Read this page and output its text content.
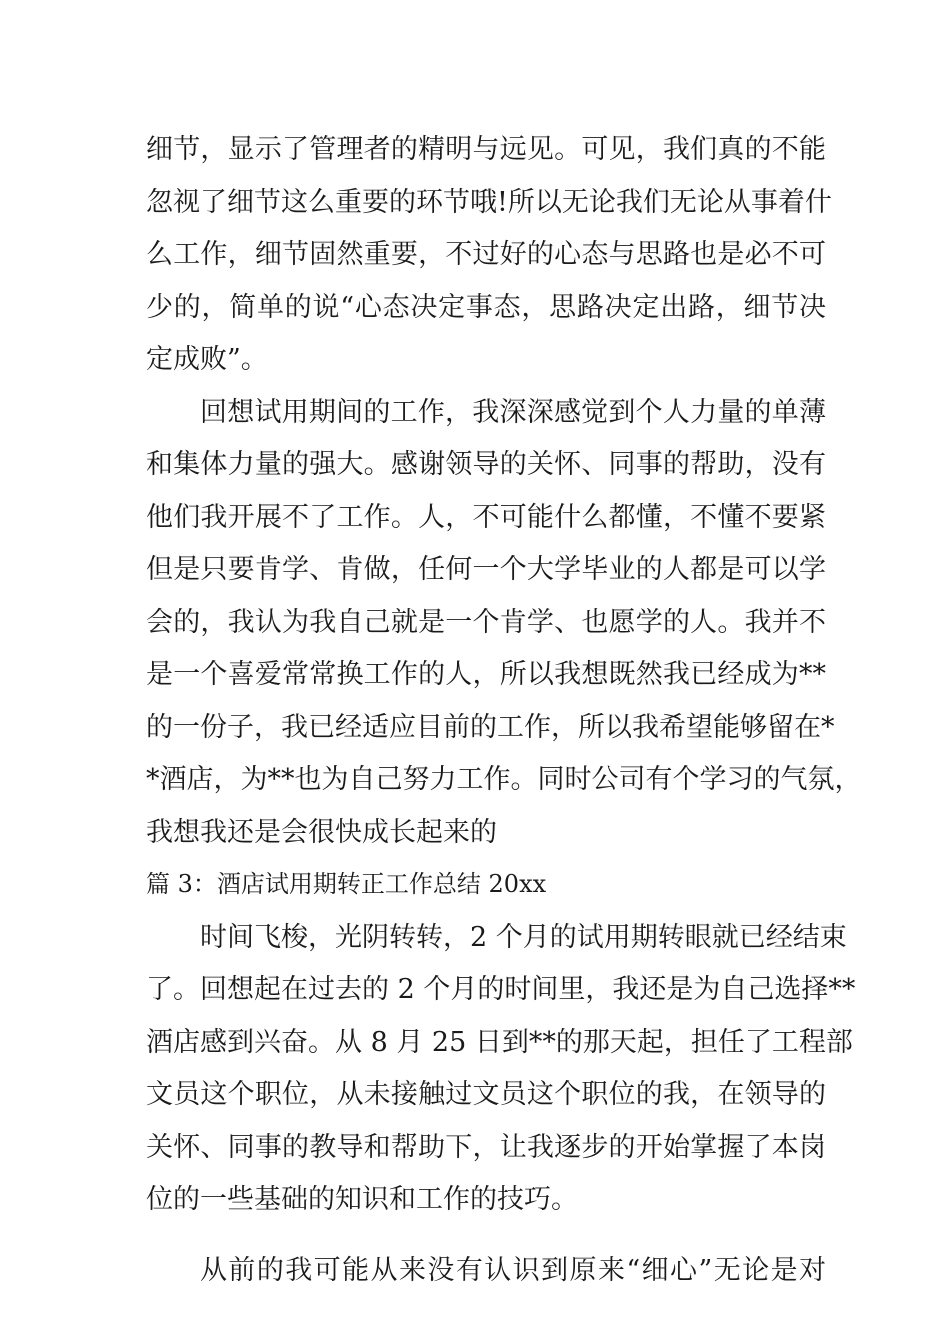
细节，显示了管理者的精明与远见。可见，我们真的不能
忽视了细节这么重要的环节哦!所以无论我们无论从事着什
么工作，细节固然重要，不过好的心态与思路也是必不可
少的，简单的说“心态决定事态，思路决定出路，细节决
定成败”。
回想试用期间的工作，我深深感觉到个人力量的单薄
和集体力量的强大。感谢领导的关怀、同事的帮助，没有
他们我开展不了工作。人，不可能什么都懂，不懂不要紧
但是只要肯学、肯做，任何一个大学毕业的人都是可以学
会的，我认为我自己就是一个肯学、也愿学的人。我并不
是一个喜爱常常换工作的人，所以我想既然我已经成为**
的一份子，我已经适应目前的工作，所以我希望能够留在*
*酒店，为**也为自己努力工作。同时公司有个学习的气氛，
我想我还是会很快成长起来的
篇 3：酒店试用期转正工作总结 20xx
时间飞梭，光阴转转，2 个月的试用期转眼就已经结束
了。回想起在过去的 2 个月的时间里，我还是为自己选择**
酒店感到兴奋。从 8 月 25 日到**的那天起，担任了工程部
文员这个职位，从未接触过文员这个职位的我，在领导的
关怀、同事的教导和帮助下，让我逐步的开始掌握了本岗
位的一些基础的知识和工作的技巧。
从前的我可能从来没有认识到原来“细心”无论是对
